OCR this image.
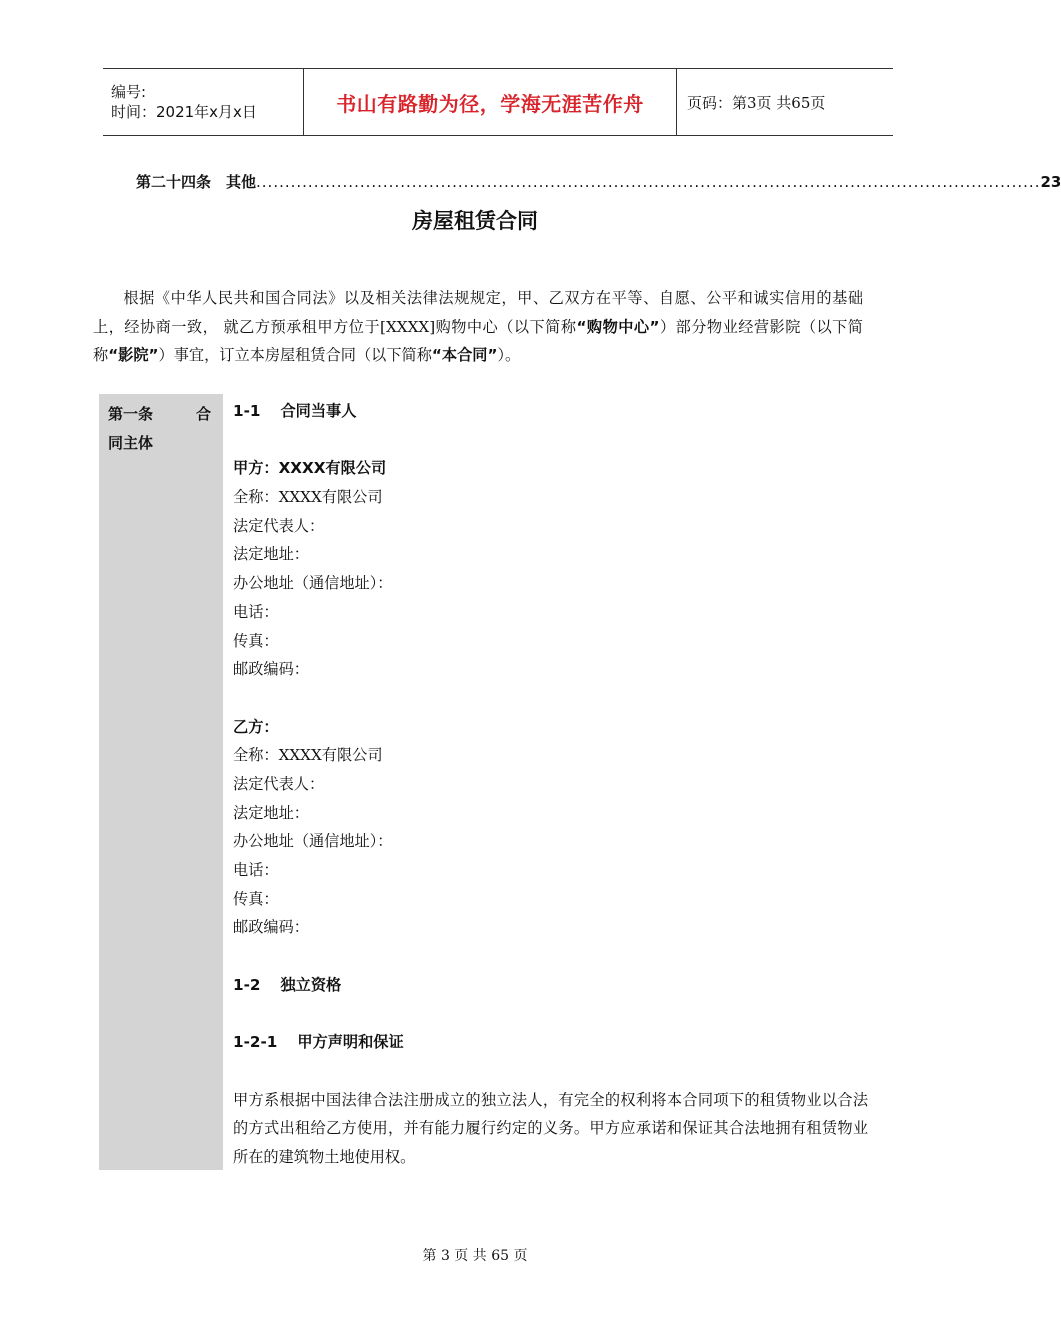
编号:
时间：2021年x月x日	书山有路勤为径，学海无涯苦作舟	页码：第3页 共65页
第二十四条　其他 ........................................................................................................................................ 23
房屋租赁合同
根据《中华人民共和国合同法》以及相关法律法规规定，甲、乙双方在平等、自愿、公平和诚实信用的基础上，经协商一致， 就乙方预承租甲方位于[XXXX]购物中心（以下简称“购物中心”）部分物业经营影院（以下简称“影院”）事宜，订立本房屋租赁合同（以下简称“本合同”）。
第一条	合
同主体
1-1 合同当事人
甲方：XXXX有限公司
全称：XXXX有限公司
法定代表人：
法定地址：
办公地址（通信地址）：
电话：
传真：
邮政编码：
乙方：
全称：XXXX有限公司
法定代表人：
法定地址：
办公地址（通信地址）：
电话：
传真：
邮政编码：
1-2 独立资格
1-2-1 甲方声明和保证
甲方系根据中国法律合法注册成立的独立法人，有完全的权利将本合同项下的租赁物业以合法的方式出租给乙方使用，并有能力履行约定的义务。甲方应承诺和保证其合法地拥有租赁物业所在的建筑物土地使用权。
第 3 页 共 65 页
